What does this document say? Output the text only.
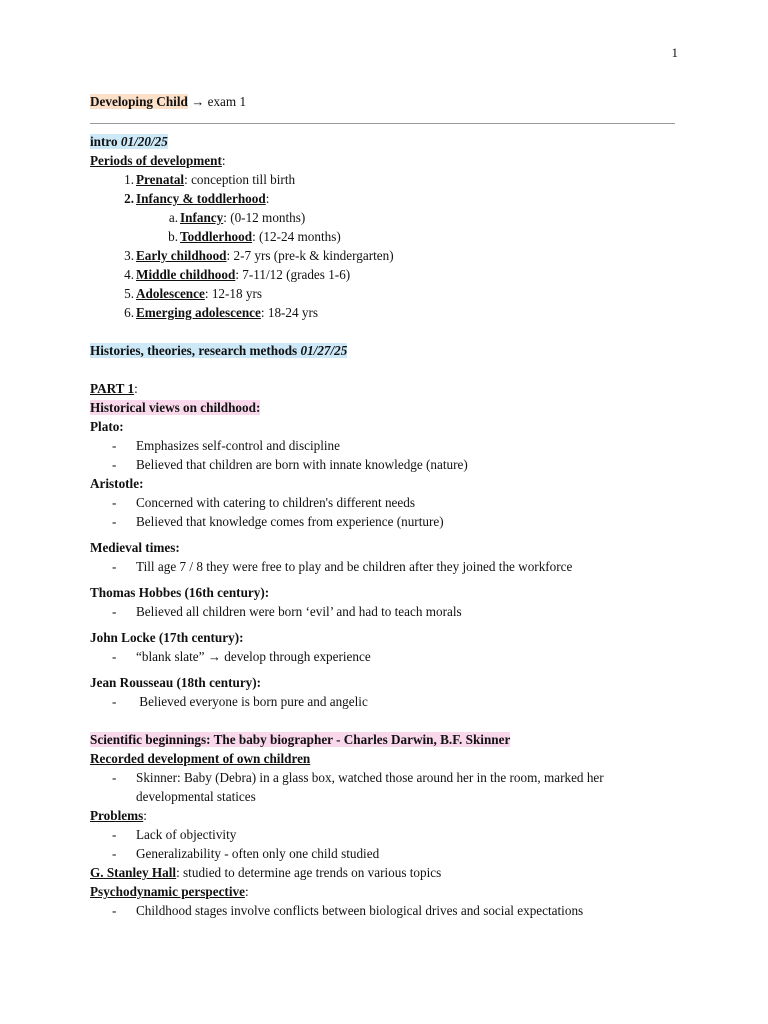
1
Developing Child → exam 1
intro 01/20/25
Periods of development:
1. Prenatal: conception till birth
2. Infancy & toddlerhood:
a. Infancy: (0-12 months)
b. Toddlerhood: (12-24 months)
3. Early childhood: 2-7 yrs (pre-k & kindergarten)
4. Middle childhood: 7-11/12 (grades 1-6)
5. Adolescence: 12-18 yrs
6. Emerging adolescence: 18-24 yrs
Histories, theories, research methods 01/27/25
PART 1:
Historical views on childhood:
Plato:
- Emphasizes self-control and discipline
- Believed that children are born with innate knowledge (nature)
Aristotle:
- Concerned with catering to children's different needs
- Believed that knowledge comes from experience (nurture)
Medieval times:
- Till age 7 / 8 they were free to play and be children after they joined the workforce
Thomas Hobbes (16th century):
- Believed all children were born ‘evil’ and had to teach morals
John Locke (17th century):
- “blank slate” → develop through experience
Jean Rousseau (18th century):
- Believed everyone is born pure and angelic
Scientific beginnings: The baby biographer - Charles Darwin, B.F. Skinner
Recorded development of own children
- Skinner: Baby (Debra) in a glass box, watched those around her in the room, marked her developmental statices
Problems:
- Lack of objectivity
- Generalizability - often only one child studied
G. Stanley Hall: studied to determine age trends on various topics
Psychodynamic perspective:
- Childhood stages involve conflicts between biological drives and social expectations
